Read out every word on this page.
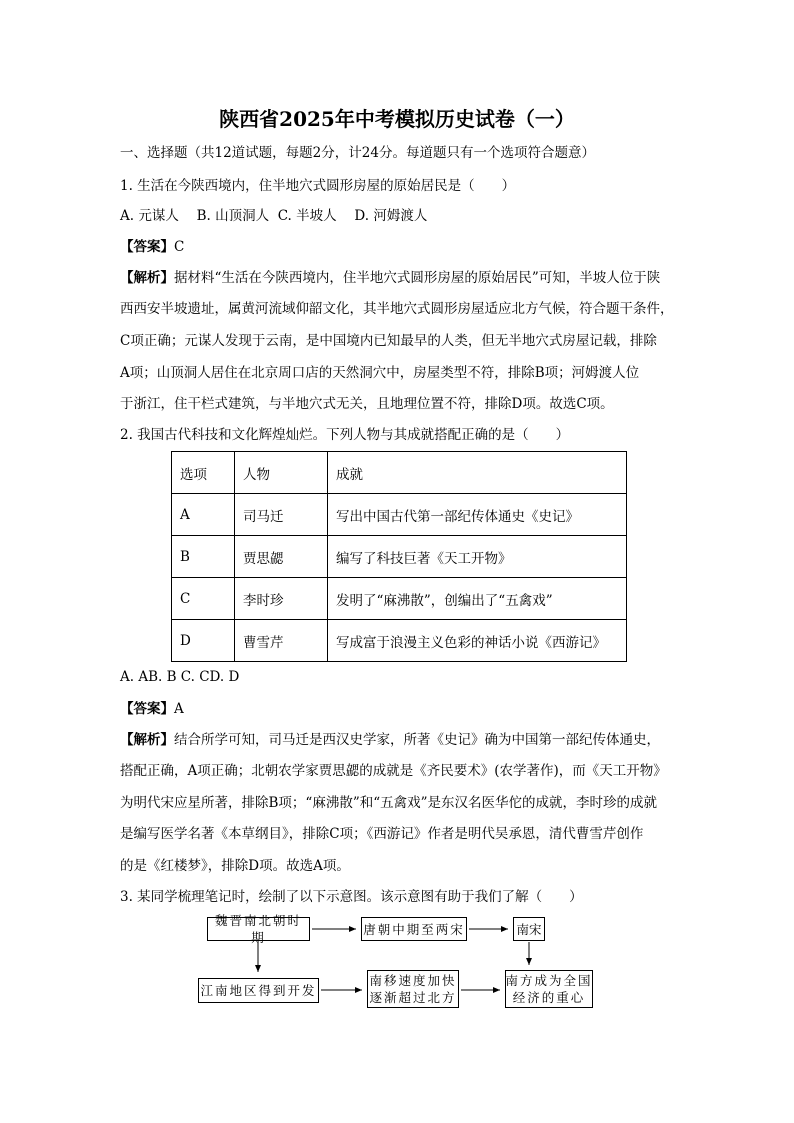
陕西省2025年中考模拟历史试卷（一）
一、选择题（共12道试题，每题2分，计24分。每道题只有一个选项符合题意）
1. 生活在今陕西境内，住半地穴式圆形房屋的原始居民是（　　）
A. 元谋人　 B. 山顶洞人  C. 半坡人　 D. 河姆渡人
【答案】C
【解析】据材料“生活在今陕西境内，住半地穴式圆形房屋的原始居民”可知，半坡人位于陕
西西安半坡遗址，属黄河流域仰韶文化，其半地穴式圆形房屋适应北方气候，符合题干条件，
C项正确；元谋人发现于云南，是中国境内已知最早的人类，但无半地穴式房屋记载，排除
A项；山顶洞人居住在北京周口店的天然洞穴中，房屋类型不符，排除B项；河姆渡人位
于浙江，住干栏式建筑，与半地穴式无关，且地理位置不符，排除D项。故选C项。
2. 我国古代科技和文化辉煌灿烂。下列人物与其成就搭配正确的是（　　）
选项	人物	成就
A	司马迁	写出中国古代第一部纪传体通史《史记》
B	贾思勰	编写了科技巨著《天工开物》
C	李时珍	发明了“麻沸散”，创编出了“五禽戏”
D	曹雪芹	写成富于浪漫主义色彩的神话小说《西游记》
A. AB. B C. CD. D
【答案】A
【解析】结合所学可知，司马迁是西汉史学家，所著《史记》确为中国第一部纪传体通史，
搭配正确，A项正确；北朝农学家贾思勰的成就是《齐民要术》(农学著作)，而《天工开物》
为明代宋应星所著，排除B项；“麻沸散”和“五禽戏”是东汉名医华佗的成就，李时珍的成就
是编写医学名著《本草纲目》，排除C项；《西游记》作者是明代吴承恩，清代曹雪芹创作
的是《红楼梦》，排除D项。故选A项。
3. 某同学梳理笔记时，绘制了以下示意图。该示意图有助于我们了解（　　）
魏晋南北朝时期
唐朝中期至两宋	南宋
江南地区得到开发
南移速度加快
逐渐超过北方
南方成为全国
经济的重心
